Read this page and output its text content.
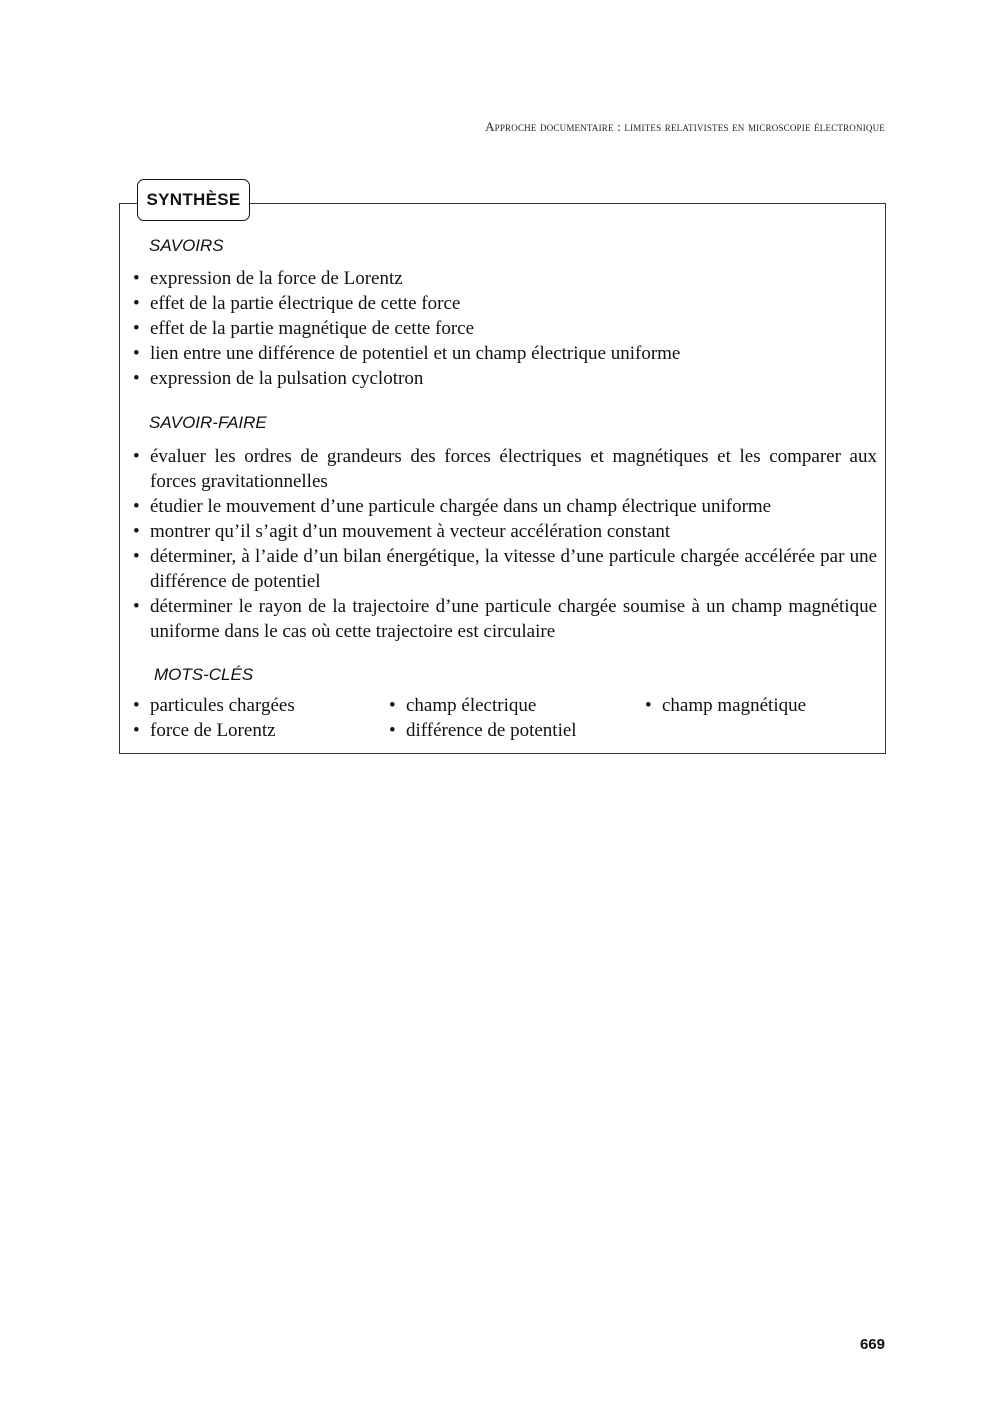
Approche documentaire : limites relativistes en microscopie électronique
SYNTHÈSE
SAVOIRS
• expression de la force de Lorentz
• effet de la partie électrique de cette force
• effet de la partie magnétique de cette force
• lien entre une différence de potentiel et un champ électrique uniforme
• expression de la pulsation cyclotron
SAVOIR-FAIRE
• évaluer les ordres de grandeurs des forces électriques et magnétiques et les comparer aux forces gravitationnelles
• étudier le mouvement d’une particule chargée dans un champ électrique uniforme
• montrer qu’il s’agit d’un mouvement à vecteur accélération constant
• déterminer, à l’aide d’un bilan énergétique, la vitesse d’une particule chargée accélérée par une différence de potentiel
• déterminer le rayon de la trajectoire d’une particule chargée soumise à un champ magnétique uniforme dans le cas où cette trajectoire est circulaire
MOTS-CLÉS
• particules chargées	• champ électrique	• champ magnétique
• force de Lorentz	• différence de potentiel
669
